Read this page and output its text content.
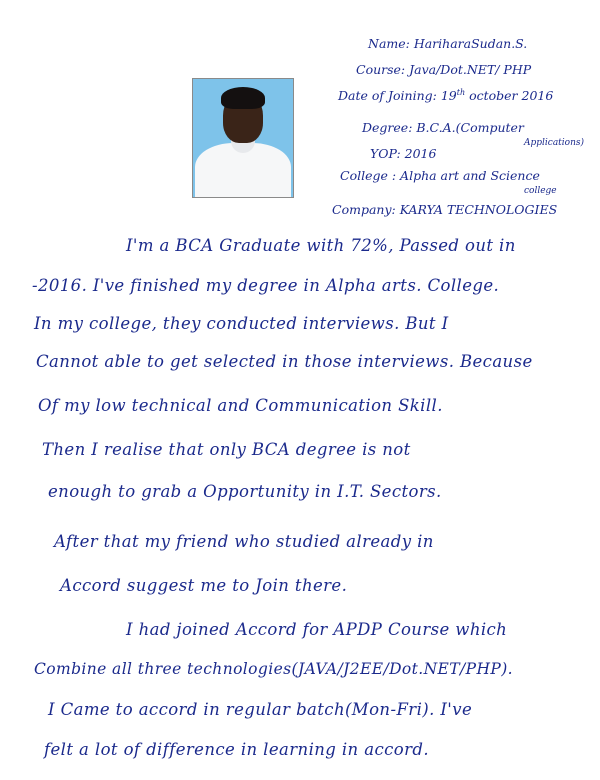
Name: HariharaSudan.S.
Course: Java/Dot.NET/ PHP
Date of Joining: 19th october 2016
Degree: B.C.A.(Computer
Applications)
YOP: 2016
College : Alpha art and Science
college
Company: KARYA TECHNOLOGIES
I'm a BCA Graduate with 72%, Passed out in
-2016. I've finished my degree in Alpha arts. College.
In my college, they conducted interviews. But I
Cannot able to get selected in those interviews. Because
Of my low technical and Communication Skill.
Then I realise that only BCA degree is not
enough to grab a Opportunity in I.T. Sectors.
After that my friend who studied already in
Accord suggest me to Join there.
I had joined Accord for APDP Course which
Combine all three technologies(JAVA/J2EE/Dot.NET/PHP).
I Came to accord in regular batch(Mon-Fri). I've
felt a lot of difference in learning in accord.
